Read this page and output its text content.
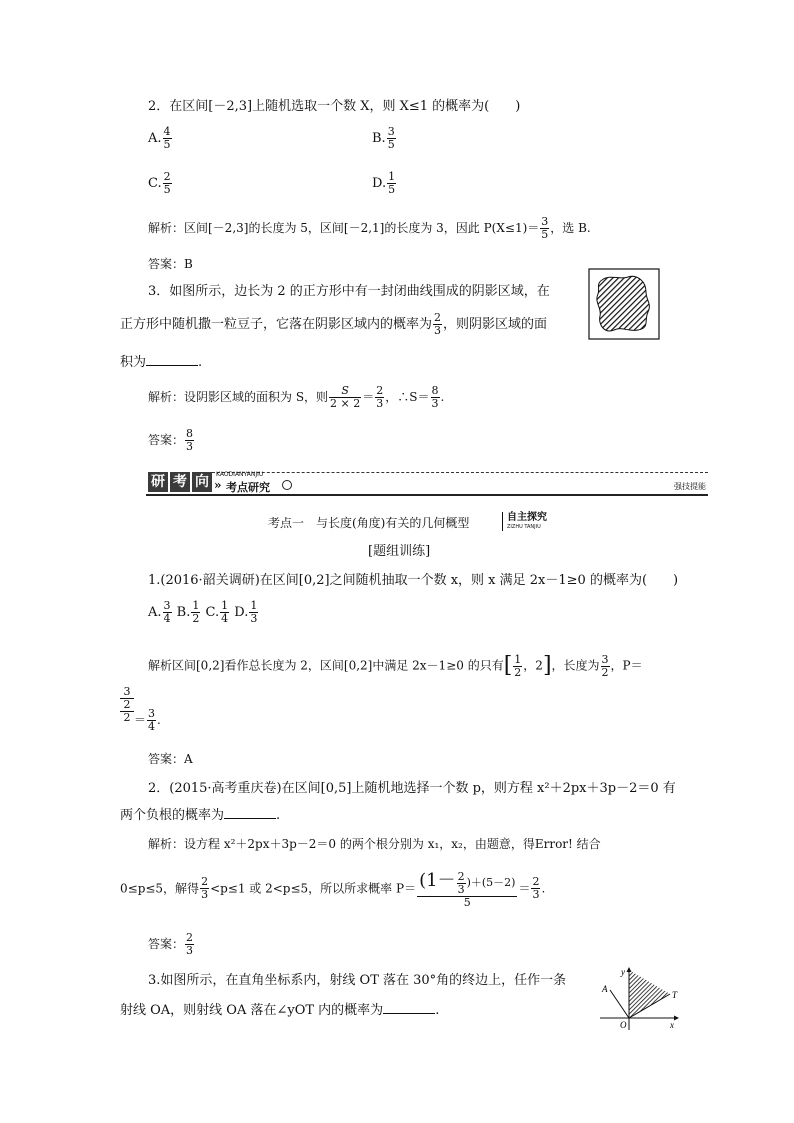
2．在区间[－2,3]上随机选取一个数 X，则 X≤1 的概率为(　　)
A. $\frac{4}{5}$	B. $\frac{3}{5}$
C. $\frac{2}{5}$	D. $\frac{1}{5}$
解析：区间[－2,3]的长度为 5，区间[－2,1]的长度为 3，因此 $P(X\le 1)= \frac{3}{5}$ ，选 B.
答案：B
3．如图所示，边长为 2 的正方形中有一封闭曲线围成的阴影区域，在
正方形中随机撒一粒豆子，它落在阴影区域内的概率为 $\frac{2}{3}$ ，则阴影区域的面
积为	.
解析：设阴影区域的面积为 S，则 $\frac{S}{2 \times 2} = \frac{2}{3}$ ，∴S＝ $\frac{8}{3}$ .
答案： $\frac{8}{3}$
研 考 向	KAODIANYANJIU
» 考点研究	强技提能
考点一　与长度(角度)有关的几何概型	自主探究
ZIZHU TANJIU
[题组训练]
1.(2016·韶关调研)在区间[0,2]之间随机抽取一个数 x，则 x 满足 2x－1≥0 的概率为(　　)
A. $\frac{3}{4} B$. $\frac{1}{2} C$. $\frac{1}{4} D$. $\frac{1}{3}$
解析区间[0,2]看作总长度为 2，区间[0,2]中满足 2x－1≥0 的只有[ $\frac{1}{2}$ ，2]，长度为 $\frac{3}{2}$ ，P＝
3
2
$2 = \frac{3}{4}$ .
答案：A
2．(2015·高考重庆卷)在区间[0,5]上随机地选择一个数 p，则方程 x²＋2px＋3p－2＝0 有
两个负根的概率为	.
解析：设方程 x²＋2px＋3p－2＝0 的两个根分别为 x₁，x₂，由题意，得Error! 结合
0≤p≤5，解得 $\frac{2}{3} <p\le 1$ 或 2<p≤5，所以所求概率 $P= \frac{(1- \frac{2}{3} )+(5-2)}{5} = \frac{2}{3}$ .
答案： $\frac{2}{3}$
3.如图所示，在直角坐标系内，射线 OT 落在 30°角的终边上，任作一条
射线 OA，则射线 OA 落在∠yOT 内的概率为	.
y
A
T
O	x
